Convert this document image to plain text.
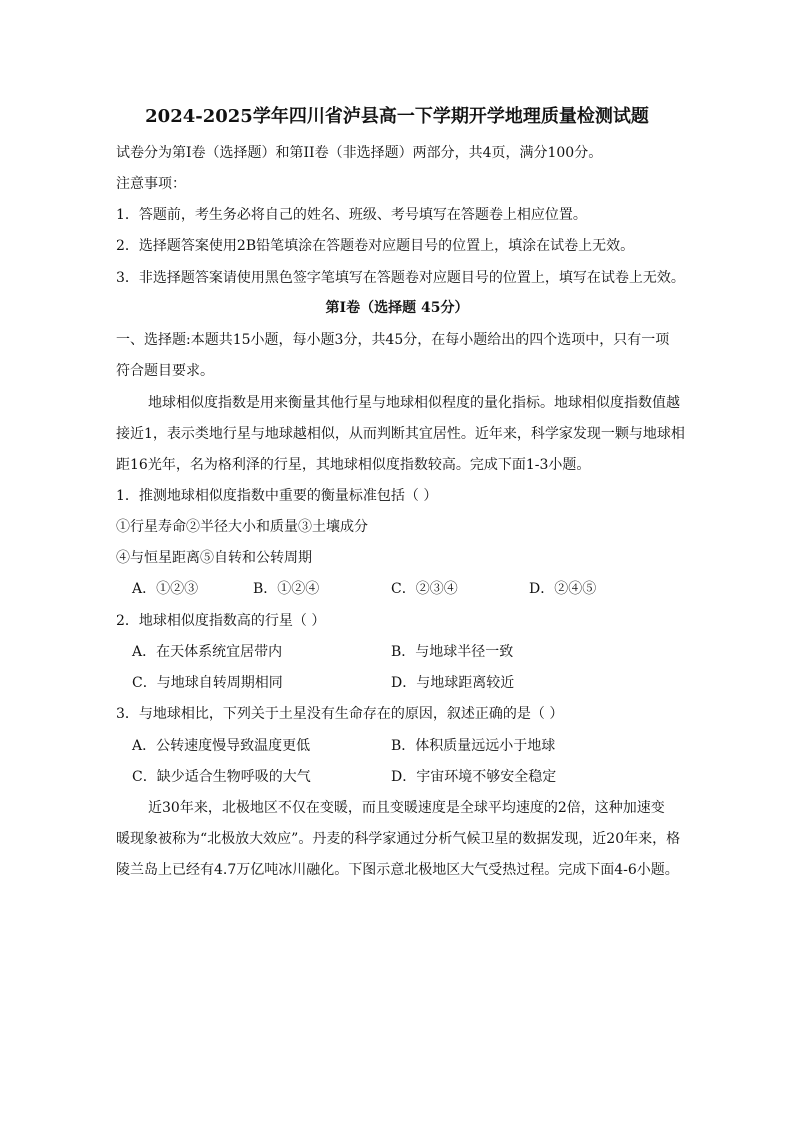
2024-2025学年四川省泸县高一下学期开学地理质量检测试题
试卷分为第I卷（选择题）和第II卷（非选择题）两部分，共4页，满分100分。
注意事项：
1．答题前，考生务必将自己的姓名、班级、考号填写在答题卷上相应位置。
2．选择题答案使用2B铅笔填涂在答题卷对应题目号的位置上，填涂在试卷上无效。
3．非选择题答案请使用黑色签字笔填写在答题卷对应题目号的位置上，填写在试卷上无效。
第I卷（选择题 45分）
一、选择题:本题共15小题，每小题3分，共45分，在每小题给出的四个选项中，只有一项
符合题目要求。
地球相似度指数是用来衡量其他行星与地球相似程度的量化指标。地球相似度指数值越
接近1，表示类地行星与地球越相似，从而判断其宜居性。近年来，科学家发现一颗与地球相
距16光年，名为格利泽的行星，其地球相似度指数较高。完成下面1-3小题。
1．推测地球相似度指数中重要的衡量标准包括（ ）
①行星寿命②半径大小和质量③土壤成分
④与恒星距离⑤自转和公转周期
A．①②③	B．①②④	C．②③④	D．②④⑤
2．地球相似度指数高的行星（ ）
A．在天体系统宜居带内	B．与地球半径一致
C．与地球自转周期相同	D．与地球距离较近
3．与地球相比，下列关于土星没有生命存在的原因，叙述正确的是（ ）
A．公转速度慢导致温度更低	B．体积质量远远小于地球
C．缺少适合生物呼吸的大气	D．宇宙环境不够安全稳定
近30年来，北极地区不仅在变暖，而且变暖速度是全球平均速度的2倍，这种加速变
暖现象被称为“北极放大效应”。丹麦的科学家通过分析气候卫星的数据发现，近20年来，格
陵兰岛上已经有4.7万亿吨冰川融化。下图示意北极地区大气受热过程。完成下面4-6小题。
